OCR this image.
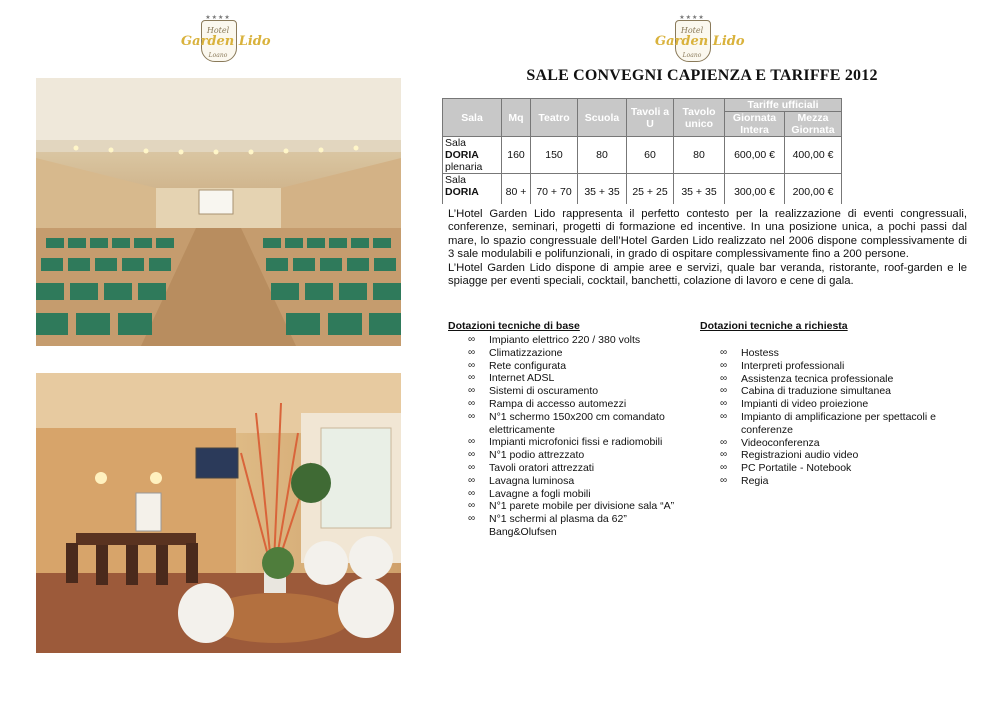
★★★★
Hotel
Garden Lido
Loano
★★★★
Hotel
Garden Lido
Loano
SALE CONVEGNI CAPIENZA E TARIFFE 2012
Sala	Mq	Teatro	Scuola	Tavoli a U	Tavolo unico	Tariffe ufficiali	
						Giornata Intera	Mezza Giornata
Sala
DORIA
plenaria	160	150	80	60	80	600,00 €	400,00 €
Sala
DORIA	80 +	70 + 70	35 + 35	25 + 25	35 + 35	300,00 €	200,00 €

L’Hotel Garden Lido rappresenta il perfetto contesto per la realizzazione di eventi congressuali, conferenze, seminari, progetti di formazione ed incentive. In una posizione unica, a pochi passi dal mare, lo spazio congressuale dell’Hotel Garden Lido realizzato nel 2006 dispone complessivamente di 3 sale modulabili e polifunzionali, in grado di ospitare complessivamente fino a 200 persone.

L’Hotel Garden Lido dispone di ampie aree e servizi, quale bar veranda, ristorante, roof-garden e le spiagge per eventi speciali, cocktail, banchetti, colazione di lavoro e cene di gala.

Dotazioni tecniche di base
∞ Impianto elettrico 220 / 380 volts
∞ Climatizzazione
∞ Rete configurata
∞ Internet ADSL
∞ Sistemi di oscuramento
∞ Rampa di accesso automezzi
∞ N°1 schermo 150x200 cm comandato elettricamente
∞ Impianti microfonici fissi e radiomobili
∞ N°1 podio attrezzato
∞ Tavoli oratori attrezzati
∞ Lavagna luminosa
∞ Lavagne a fogli mobili
∞ N°1 parete mobile per divisione sala “A”
∞ N°1 schermi al plasma da 62” Bang&Olufsen
Dotazioni tecniche a richiesta
∞ Hostess
∞ Interpreti professionali
∞ Assistenza tecnica professionale
∞ Cabina di traduzione simultanea
∞ Impianti di video proiezione
∞ Impianto di amplificazione per spettacoli e conferenze
∞ Videoconferenza
∞ Registrazioni audio video
∞ PC Portatile - Notebook
∞ Regia
